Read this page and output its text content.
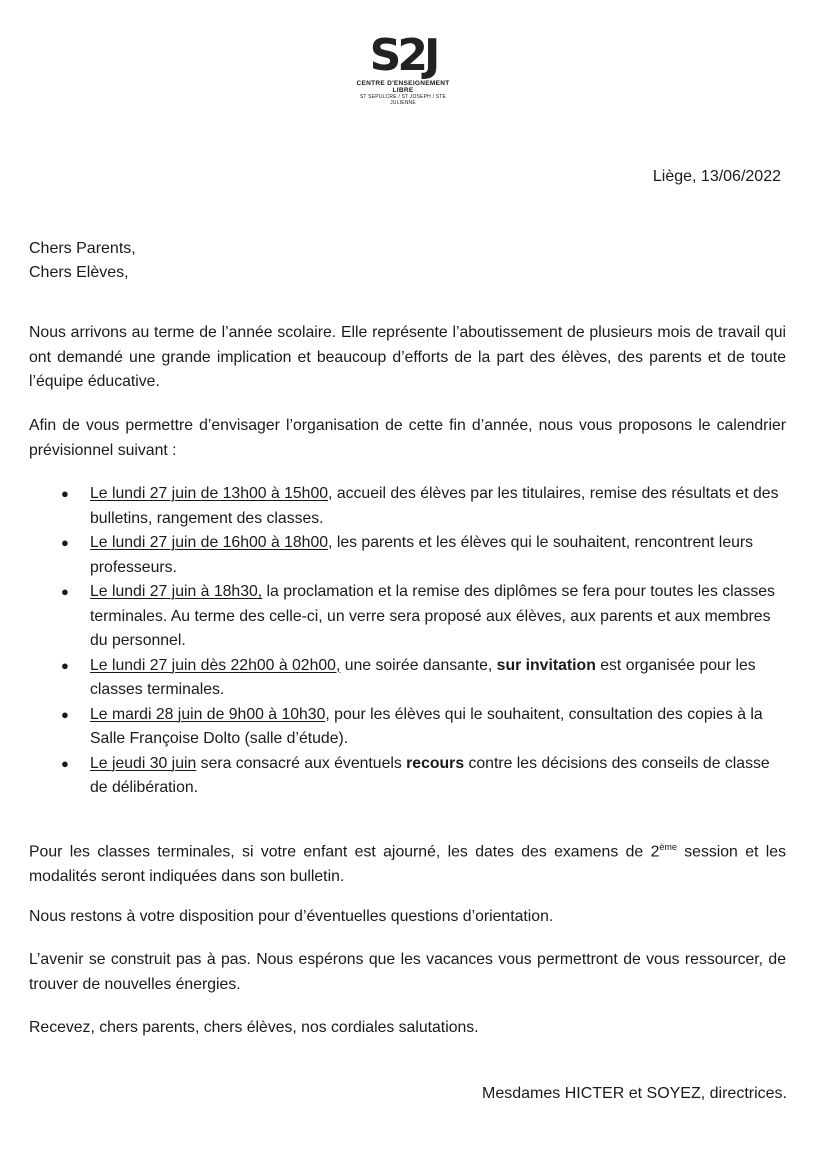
S2J
CENTRE D'ENSEIGNEMENT LIBRE
ST SEPULCRE / ST JOSEPH / STE JULIENNE
Liège, 13/06/2022
Chers Parents,
Chers Elèves,
Nous arrivons au terme de l’année scolaire. Elle représente l’aboutissement de plusieurs mois de travail qui ont demandé une grande implication et beaucoup d’efforts de la part des élèves, des parents et de toute l’équipe éducative.
Afin de vous permettre d’envisager l’organisation de cette fin d’année, nous vous proposons le calendrier prévisionnel suivant :
● Le lundi 27 juin de 13h00 à 15h00, accueil des élèves par les titulaires, remise des résultats et des bulletins, rangement des classes.
● Le lundi 27 juin de 16h00 à 18h00, les parents et les élèves qui le souhaitent, rencontrent leurs professeurs.
● Le lundi 27 juin à 18h30, la proclamation et la remise des diplômes se fera pour toutes les classes terminales. Au terme des celle-ci, un verre sera proposé aux élèves, aux parents et aux membres du personnel.
● Le lundi 27 juin dès 22h00 à 02h00, une soirée dansante, sur invitation est organisée pour les classes terminales.
● Le mardi 28 juin de 9h00 à 10h30, pour les élèves qui le souhaitent, consultation des copies à la Salle Françoise Dolto (salle d’étude).
● Le jeudi 30 juin sera consacré aux éventuels recours contre les décisions des conseils de classe de délibération.
Pour les classes terminales, si votre enfant est ajourné, les dates des examens de 2ème session et les modalités seront indiquées dans son bulletin.
Nous restons à votre disposition pour d’éventuelles questions d’orientation.
L’avenir se construit pas à pas. Nous espérons que les vacances vous permettront de vous ressourcer, de trouver de nouvelles énergies.
Recevez, chers parents, chers élèves, nos cordiales salutations.
Mesdames HICTER et SOYEZ, directrices.
